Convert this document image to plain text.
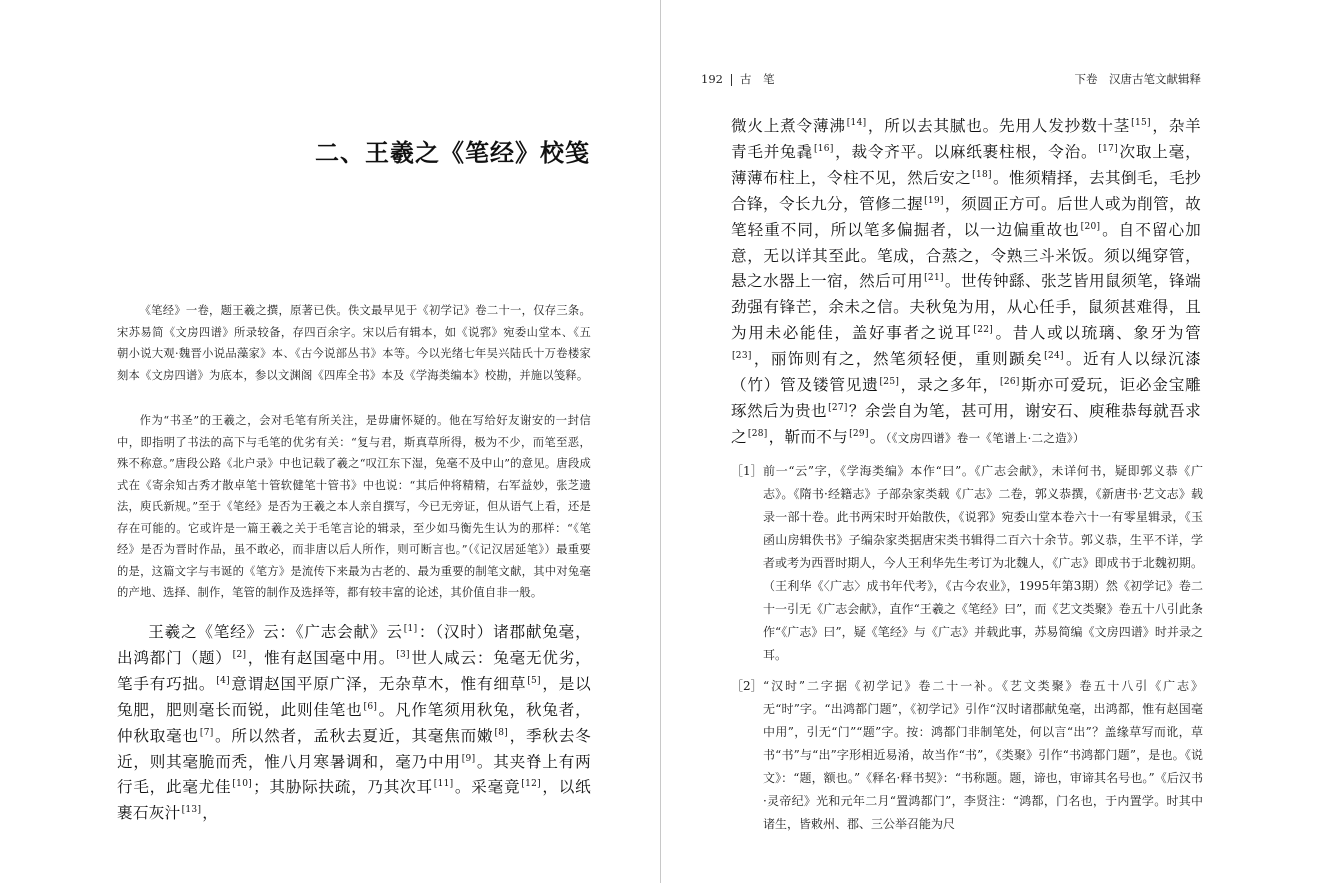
二、王羲之《笔经》校笺

《笔经》一卷，题王羲之撰，原著已佚。佚文最早见于《初学记》卷二十一，仅存三条。宋苏易简《文房四谱》所录较备，存四百余字。宋以后有辑本，如《说郛》宛委山堂本、《五朝小说大观·魏晋小说品藻家》本、《古今说部丛书》本等。今以光绪七年吴兴陆氏十万卷楼家刻本《文房四谱》为底本，参以文渊阁《四库全书》本及《学海类编本》校勘，并施以笺释。

作为“书圣”的王羲之，会对毛笔有所关注，是毋庸怀疑的。他在写给好友谢安的一封信中，即指明了书法的高下与毛笔的优劣有关：“复与君，斯真草所得，极为不少，而笔至恶，殊不称意。”唐段公路《北户录》中也记载了羲之“叹江东下湿，兔毫不及中山”的意见。唐段成式在《寄余知古秀才散卓笔十管软健笔十管书》中也说：“其后仲将精精，右军益妙，张芝遗法，庾氏新规。”至于《笔经》是否为王羲之本人亲自撰写，今已无旁证，但从语气上看，还是存在可能的。它或许是一篇王羲之关于毛笔言论的辑录，至少如马衡先生认为的那样：“《笔经》是否为晋时作品，虽不敢必，而非唐以后人所作，则可断言也。”（《记汉居延笔》）最重要的是，这篇文字与韦诞的《笔方》是流传下来最为古老的、最为重要的制笔文献，其中对兔毫的产地、选择、制作，笔管的制作及选择等，都有较丰富的论述，其价值自非一般。

王羲之《笔经》云：《广志会献》云[1]：（汉时）诸郡献兔毫，出鸿都门（题）[2]，惟有赵国毫中用。[3]世人咸云：兔毫无优劣，笔手有巧拙。[4]意谓赵国平原广泽，无杂草木，惟有细草[5]，是以兔肥，肥则毫长而锐，此则佳笔也[6]。凡作笔须用秋兔，秋兔者，仲秋取毫也[7]。所以然者，孟秋去夏近，其毫焦而嫩[8]，季秋去冬近，则其毫脆而秃，惟八月寒暑调和，毫乃中用[9]。其夹脊上有两行毛，此毫尤佳[10]；其胁际扶疏，乃其次耳[11]。采毫竟[12]，以纸裹石灰汁[13]，

192 古　笔	下卷　汉唐古笔文献辑释

微火上煮令薄沸[14]，所以去其腻也。先用人发抄数十茎[15]，杂羊青毛并兔毳[16]，裁令齐平。以麻纸裹柱根，令治。[17]次取上毫，薄薄布柱上，令柱不见，然后安之[18]。惟须精择，去其倒毛，毛抄合锋，令长九分，管修二握[19]，须圆正方可。后世人或为削管，故笔轻重不同，所以笔多偏掘者，以一边偏重故也[20]。自不留心加意，无以详其至此。笔成，合蒸之，令熟三斗米饭。须以绳穿管，悬之水器上一宿，然后可用[21]。世传钟繇、张芝皆用鼠须笔，锋端劲强有锋芒，余未之信。夫秋兔为用，从心任手，鼠须甚难得，且为用未必能佳，盖好事者之说耳[22]。昔人或以琉璃、象牙为管[23]，丽饰则有之，然笔须轻便，重则踬矣[24]。近有人以绿沉漆（竹）管及镂管见遗[25]，录之多年，[26]斯亦可爱玩，讵必金宝雕琢然后为贵也[27]？余尝自为笔，甚可用，谢安石、庾稚恭每就吾求之[28]，靳而不与[29]。（《文房四谱》卷一《笔谱上·二之造》）

［1］ 前一“云”字，《学海类编》本作“曰”。《广志会献》，未详何书，疑即郭义恭《广志》。《隋书·经籍志》子部杂家类载《广志》二卷，郭义恭撰，《新唐书·艺文志》载录一部十卷。此书两宋时开始散佚，《说郛》宛委山堂本卷六十一有零星辑录，《玉函山房辑佚书》子编杂家类据唐宋类书辑得二百六十余节。郭义恭，生平不详，学者或考为西晋时期人，今人王利华先生考订为北魏人，《广志》即成书于北魏初期。（王利华《〈广志〉成书年代考》，《古今农业》，1995年第3期）然《初学记》卷二十一引无《广志会献》，直作“王羲之《笔经》曰”，而《艺文类聚》卷五十八引此条作“《广志》曰”，疑《笔经》与《广志》并载此事，苏易简编《文房四谱》时并录之耳。
［2］ “汉时”二字据《初学记》卷二十一补。《艺文类聚》卷五十八引《广志》无“时”字。“出鸿都门题”，《初学记》引作“汉时诸郡献兔毫，出鸿都，惟有赵国毫中用”，引无“门”“题”字。按：鸿都门非制笔处，何以言“出”？盖缘草写而讹，草书“书”与“出”字形相近易淆，故当作“书”，《类聚》引作“书鸿都门题”，是也。《说文》：“题，额也。”《释名·释书契》：“书称题。题，谛也，审谛其名号也。”《后汉书·灵帝纪》光和元年二月“置鸿都门”，李贤注：“鸿都，门名也，于内置学。时其中诸生，皆敕州、郡、三公举召能为尺
